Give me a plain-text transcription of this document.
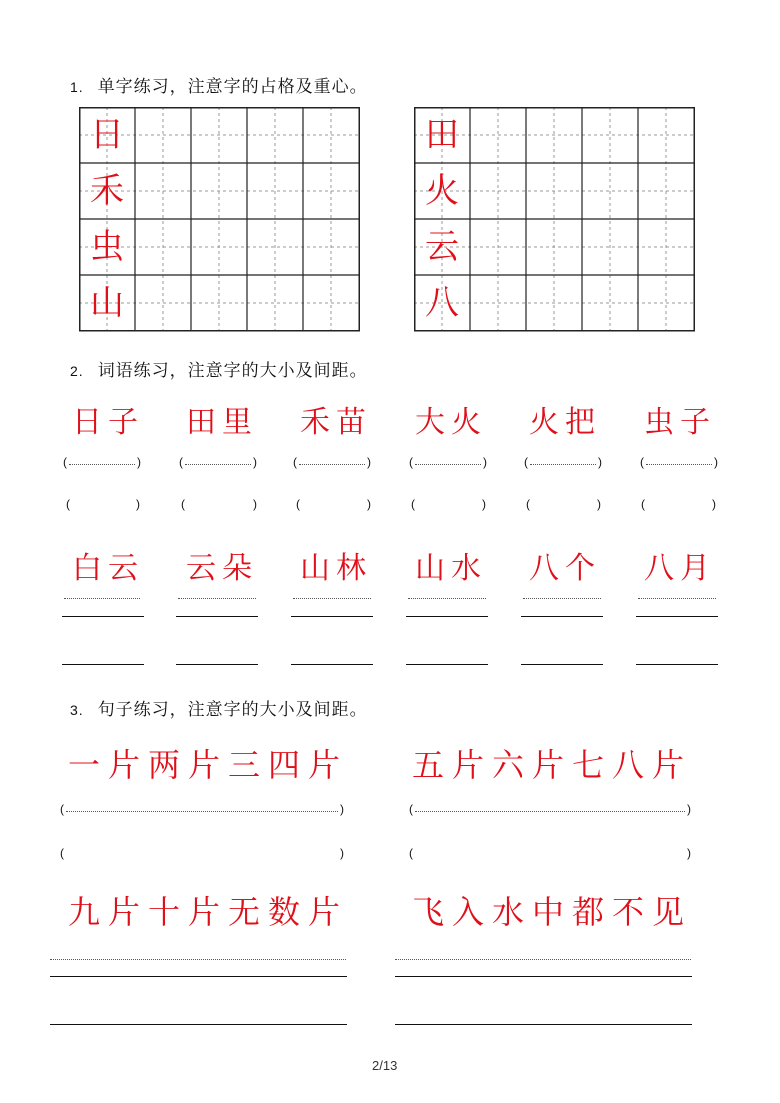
1. 单字练习，注意字的占格及重心。
日
禾
虫
山
田
火
云
八
2. 词语练习，注意字的大小及间距。
日子 田里 禾苗 大火 火把 虫子
(	)	(	)	(	)	(	)	(	)	(	)
(	)	(	)	(	)	(	)	(	)	(	)
白云 云朵 山林 山水 八个 八月
3. 句子练习，注意字的大小及间距。
一片两片三四片 五片六片七八片
(	)	(	)
(	)	(	)
九片十片无数片 飞入水中都不见
2/13
